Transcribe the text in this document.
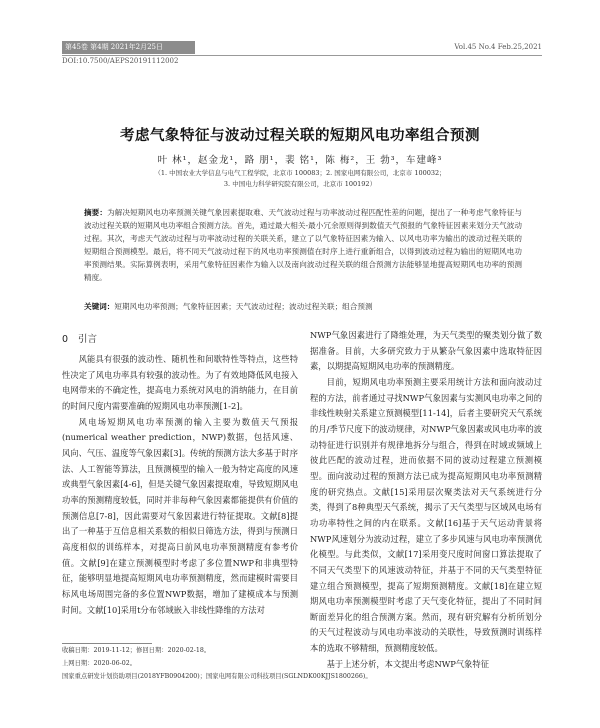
第45卷 第4期 2021年2月25日	Vol.45 No.4 Feb.25,2021
DOI:10.7500/AEPS20191112002
考虑气象特征与波动过程关联的短期风电功率组合预测
叶 林¹，赵金龙¹，路 朋¹，裴 铭¹，陈 梅²，王 勃³，车建峰³
（1. 中国农业大学信息与电气工程学院，北京市 100083；2. 国家电网有限公司，北京市 100032；
3. 中国电力科学研究院有限公司，北京市 100192）
摘要：为解决短期风电功率预测关键气象因素提取难、天气波动过程与功率波动过程匹配性差的问题，提出了一种考虑气象特征与波动过程关联的短期风电功率组合预测方法。首先，通过最大相关-最小冗余原则得到数值天气预报的气象特征因素来划分天气波动过程。其次，考虑天气波动过程与功率波动过程的关联关系，建立了以气象特征因素为输入、以风电功率为输出的波动过程关联的短期组合预测模型。最后，将不同天气波动过程下的风电功率预测值在时序上进行重新组合，以得到波动过程为输出的短期风电功率预测结果。实际算例表明，采用气象特征因素作为输入以及南向波动过程关联的组合预测方法能够显地提高短期风电功率的预测精度。
关键词：短期风电功率预测；气象特征因素；天气波动过程；波动过程关联；组合预测
0 引言

风能具有很强的波动性、随机性和间歇特性等特点，这些特性决定了风电功率具有较强的波动性。为了有效地降低风电接入电网带来的不确定性，提高电力系统对风电的消纳能力，在目前的时间尺度内需要准确的短期风电功率预测[1-2]。

风电场短期风电功率预测的输入主要为数值天气预报(numerical weather prediction，NWP)数据，包括风速、风向、气压、温度等气象因素[3]。传统的预测方法大多基于时序法、人工智能等算法，且预测模型的输入一般为特定高度的风速或典型气象因素[4-6]，但是关键气象因素提取难，导致短期风电功率的预测精度较低，同时并非每种气象因素都能提供有价值的预测信息[7-8]，因此需要对气象因素进行特征提取。文献[8]提出了一种基于互信息相关系数的相似日筛选方法，得到与预测日高度相似的训练样本，对提高日前风电功率预测精度有参考价值。文献[9]在建立预测模型时考虑了多位置NWP和非典型特征，能够明显地提高短期风电功率预测精度，然而建模时需要目标风电场周围完备的多位置NWP数据，增加了建模成本与预测时间。文献[10]采用t分布邻域嵌入非线性降维的方法对

NWP气象因素进行了降维处理，为天气类型的聚类划分做了数据准备。目前，大多研究致力于从繁杂气象因素中选取特征因素，以期提高短期风电功率的预测精度。

目前，短期风电功率预测主要采用统计方法和面向波动过程的方法，前者通过寻找NWP气象因素与实测风电功率之间的非线性映射关系建立预测模型[11-14]，后者主要研究天气系统的月/季节尺度下的波动规律，对NWP气象因素或风电功率的波动特征进行识别并有规律地拆分与组合，得到在时域或频域上彼此匹配的波动过程，进而依据不同的波动过程建立预测模型。面向波动过程的预测方法已成为提高短期风电功率预测精度的研究热点。文献[15]采用层次聚类法对天气系统进行分类，得到了8种典型天气系统，揭示了天气类型与区域风电场有功功率特性之间的内在联系。文献[16]基于天气运动背景将NWP风速划分为波动过程，建立了多步风速与风电功率预测优化模型。与此类似，文献[17]采用变尺度时间窗口算法提取了不同天气类型下的风速波动特征，并基于不同的天气类型特征建立组合预测模型，提高了短期预测精度。文献[18]在建立短期风电功率预测模型时考虑了天气变化特征，提出了不同时间断面差异化的组合预测方案。然而，现有研究解有分析所划分的天气过程波动与风电功率波动的关联性，导致预测时训练样本的选取不够精细，预测精度较低。

基于上述分析，本文提出考虑NWP气象特征

收稿日期：2019-11-12；修回日期：2020-02-18。
上网日期：2020-06-02。
国家重点研发计划资助项目(2018YFB0904200)；国家电网有限公司科技项目(SGLNDK00KJJS1800266)。
